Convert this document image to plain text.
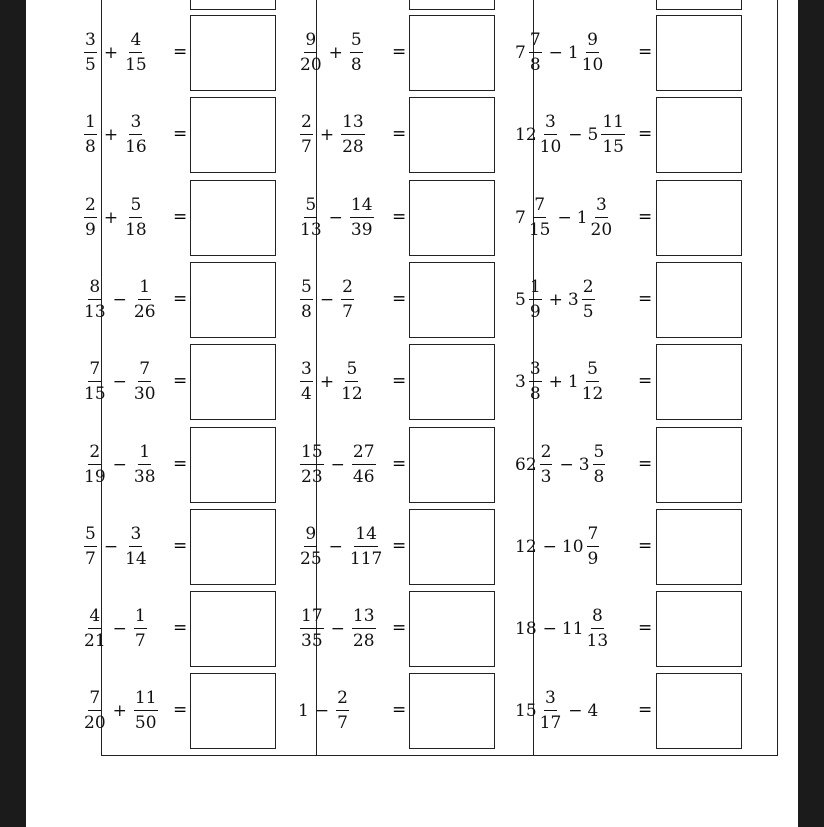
$\frac{3}{5} + \frac{4}{15}$ =
$\frac{1}{8} + \frac{3}{16}$ =
$\frac{2}{9} + \frac{5}{18}$ =
$\frac{8}{13} - \frac{1}{26}$ =
$\frac{7}{15} - \frac{7}{30}$ =
$\frac{2}{19} - \frac{1}{38}$ =
$\frac{5}{7} - \frac{3}{14}$ =
$\frac{4}{21} - \frac{1}{7}$ =
$\frac{7}{20} + \frac{11}{50}$ =
$\frac{9}{20} + \frac{5}{8}$ =
$\frac{2}{7} + \frac{13}{28}$ =
$\frac{5}{13} - \frac{14}{39}$ =
$\frac{5}{8} - \frac{2}{7}$ =
$\frac{3}{4} + \frac{5}{12}$ =
$\frac{15}{23} - \frac{27}{46}$ =
$\frac{9}{25} - \frac{14}{117}$ =
$\frac{17}{35} - \frac{13}{28}$ =
$1 - \frac{2}{7}$	=
$7 \frac{7}{8} - 1 \frac{9}{10}$ =
$12 \frac{3}{10} - 5 \frac{11}{15}$ =
$7 \frac{7}{15} - 1 \frac{3}{20}$ =
$5 \frac{1}{9} + 3 \frac{2}{5}$	=
$3 \frac{3}{8} + 1 \frac{5}{12}$ =
$62 \frac{2}{3} - 3 \frac{5}{8}$ =
$12 - 10 \frac{7}{9}$ =
$18 - 11 \frac{8}{13}$ =
$15 \frac{3}{17} - 4$ =
